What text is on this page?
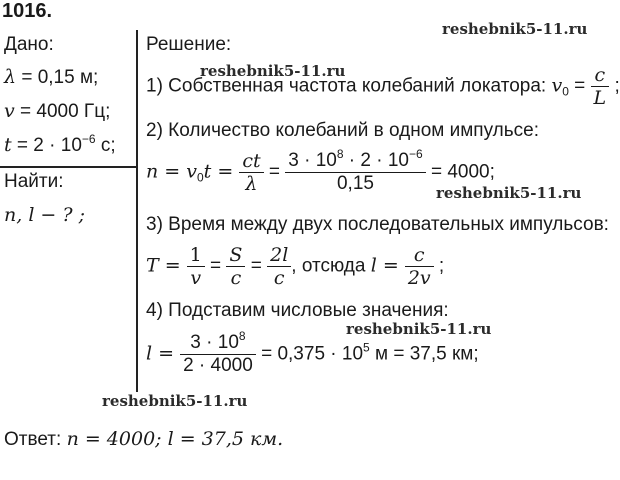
1016.
reshebnik5-11.ru
reshebnik5-11.ru
reshebnik5-11.ru
reshebnik5-11.ru
reshebnik5-11.ru
Дано:
λ = 0,15 м;
v = 4000 Гц;
$t = 2 \cdot 10^{-6}$ с;
Найти:
n, l − ? ;
Решение:
1) Собственная частота колебаний локатора: $v_0 = \frac{c}{L}$ ;
2) Количество колебаний в одном импульсе:
$n = v_0t = \frac{ct}{\lambda} = \frac{3 \cdot 10^8 \cdot 2 \cdot 10^{-6}}{0,15} = 4000$;
3) Время между двух последовательных импульсов:
$T = \frac{1}{v} = \frac{S}{c} = \frac{2l}{c}$ , отсюда $l = \frac{c}{2v}$ ;
4) Подставим числовые значения:
$l = \frac{3 \cdot 10^8}{2 \cdot 4000} = 0,375 \cdot 10^5$ м = 37,5 км;
Ответ: n = 4000; l = 37,5 км.
